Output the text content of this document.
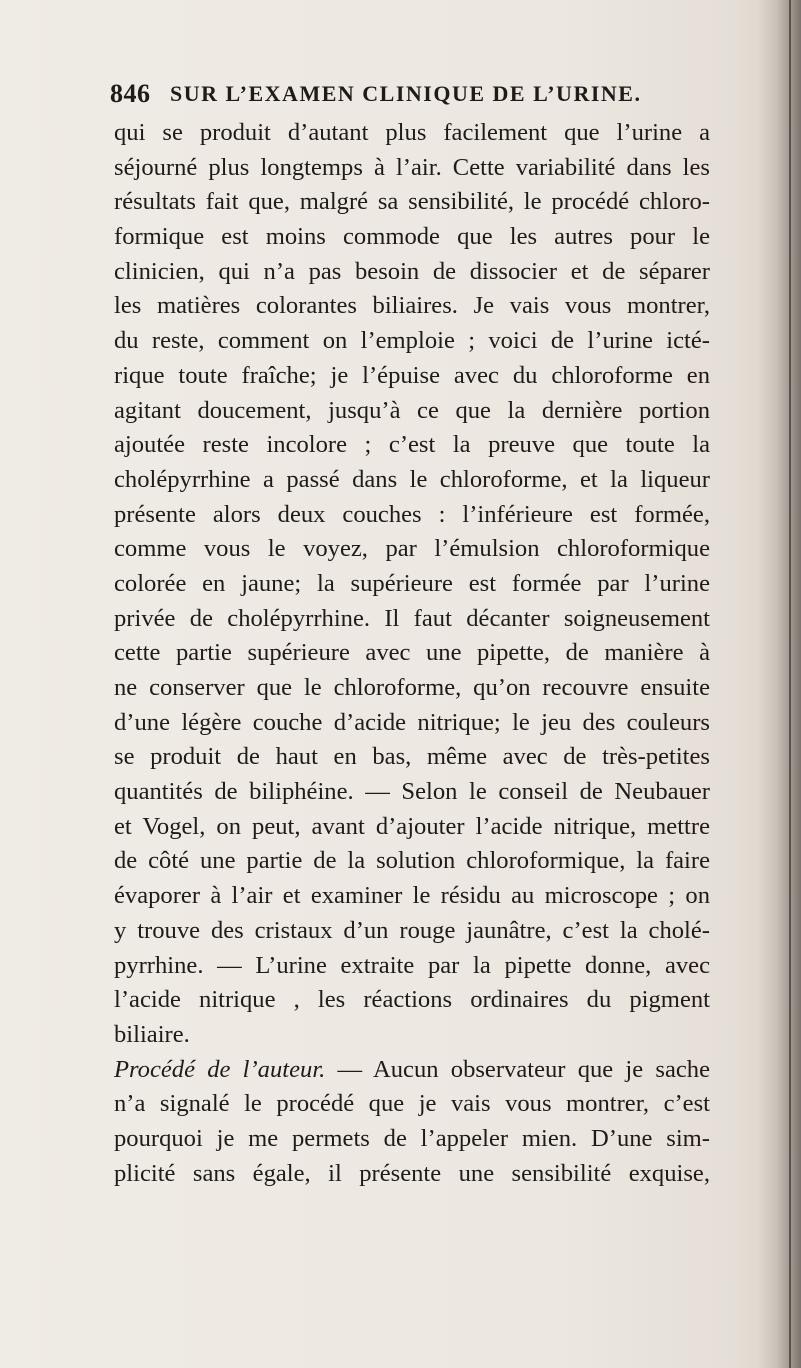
846 SUR L’EXAMEN CLINIQUE DE L’URINE.
qui se produit d’autant plus facilement que l’urine a
séjourné plus longtemps à l’air. Cette variabilité dans les
résultats fait que, malgré sa sensibilité, le procédé chloro-
formique est moins commode que les autres pour le
clinicien, qui n’a pas besoin de dissocier et de séparer
les matières colorantes biliaires. Je vais vous montrer,
du reste, comment on l’emploie ; voici de l’urine icté-
rique toute fraîche; je l’épuise avec du chloroforme en
agitant doucement, jusqu’à ce que la dernière portion
ajoutée reste incolore ; c’est la preuve que toute la
cholépyrrhine a passé dans le chloroforme, et la liqueur
présente alors deux couches : l’inférieure est formée,
comme vous le voyez, par l’émulsion chloroformique
colorée en jaune; la supérieure est formée par l’urine
privée de cholépyrrhine. Il faut décanter soigneusement
cette partie supérieure avec une pipette, de manière à
ne conserver que le chloroforme, qu’on recouvre ensuite
d’une légère couche d’acide nitrique; le jeu des couleurs
se produit de haut en bas, même avec de très-petites
quantités de biliphéine. — Selon le conseil de Neubauer
et Vogel, on peut, avant d’ajouter l’acide nitrique, mettre
de côté une partie de la solution chloroformique, la faire
évaporer à l’air et examiner le résidu au microscope ; on
y trouve des cristaux d’un rouge jaunâtre, c’est la cholé-
pyrrhine. — L’urine extraite par la pipette donne, avec
l’acide nitrique , les réactions ordinaires du pigment
biliaire.
Procédé de l’auteur. — Aucun observateur que je sache
n’a signalé le procédé que je vais vous montrer, c’est
pourquoi je me permets de l’appeler mien. D’une sim-
plicité sans égale, il présente une sensibilité exquise,
